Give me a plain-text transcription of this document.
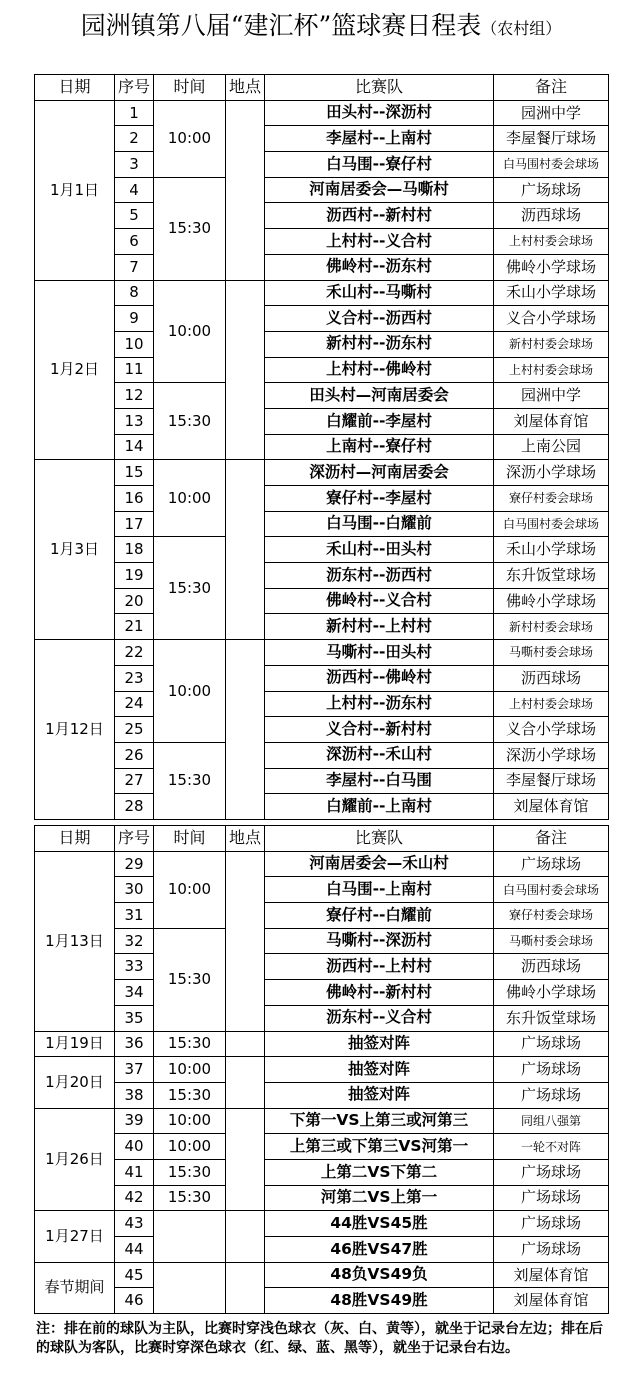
园洲镇第八届“建汇杯”篮球赛日程表（农村组）
日期	序号	时间	地点	比赛队	备注
1月1日	1	10:00		田头村--深沥村	园洲中学
	2			李屋村--上南村	李屋餐厅球场
	3			白马围--寮仔村	白马围村委会球场
	4	15:30		河南居委会—马嘶村	广场球场
	5			沥西村--新村村	沥西球场
	6			上村村--义合村	上村村委会球场
	7			佛岭村--沥东村	佛岭小学球场
1月2日	8	10:00		禾山村--马嘶村	禾山小学球场
	9			义合村--沥西村	义合小学球场
	10			新村村--沥东村	新村村委会球场
	11			上村村--佛岭村	上村村委会球场
	12	15:30		田头村—河南居委会	园洲中学
	13			白耀前--李屋村	刘屋体育馆
	14			上南村--寮仔村	上南公园
1月3日	15	10:00		深沥村—河南居委会	深沥小学球场
	16			寮仔村--李屋村	寮仔村委会球场
	17			白马围--白耀前	白马围村委会球场
	18	15:30		禾山村--田头村	禾山小学球场
	19			沥东村--沥西村	东升饭堂球场
	20			佛岭村--义合村	佛岭小学球场
	21			新村村--上村村	新村村委会球场
1月12日	22	10:00		马嘶村--田头村	马嘶村委会球场
	23			沥西村--佛岭村	沥西球场
	24			上村村--沥东村	上村村委会球场
	25			义合村--新村村	义合小学球场
	26	15:30		深沥村--禾山村	深沥小学球场
	27			李屋村--白马围	李屋餐厅球场
	28			白耀前--上南村	刘屋体育馆
日期	序号	时间	地点	比赛队	备注
1月13日	29	10:00		河南居委会—禾山村	广场球场
	30			白马围--上南村	白马围村委会球场
	31			寮仔村--白耀前	寮仔村委会球场
	32	15:30		马嘶村--深沥村	马嘶村委会球场
	33			沥西村--上村村	沥西球场
	34			佛岭村--新村村	佛岭小学球场
	35			沥东村--义合村	东升饭堂球场
1月19日	36	15:30		抽签对阵	广场球场
1月20日	37	10:00		抽签对阵	广场球场
	38	15:30		抽签对阵	广场球场
1月26日	39	10:00		下第一VS上第三或河第三	同组八强第
	40	10:00		上第三或下第三VS河第一	一轮不对阵
	41	15:30		上第二VS下第二	广场球场
	42	15:30		河第二VS上第一	广场球场
1月27日	43			44胜VS45胜	广场球场
	44			46胜VS47胜	广场球场
春节期间	45			48负VS49负	刘屋体育馆
	46			48胜VS49胜	刘屋体育馆
注：排在前的球队为主队，比赛时穿浅色球衣（灰、白、黄等），就坐于记录台左边；排在后的球队为客队，比赛时穿深色球衣（红、绿、蓝、黑等），就坐于记录台右边。
